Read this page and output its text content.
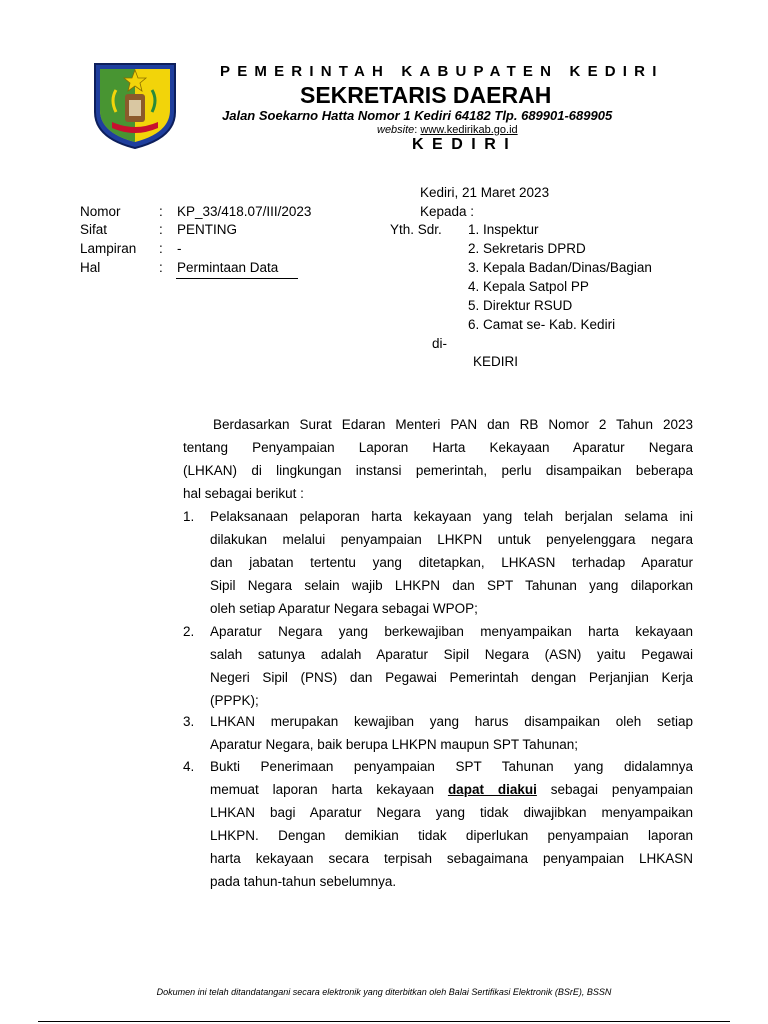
PEMERINTAH KABUPATEN KEDIRI
SEKRETARIS DAERAH
Jalan Soekarno Hatta Nomor 1 Kediri 64182 Tlp. 689901-689905
website: www.kedirikab.go.id
KEDIRI
Kediri, 21 Maret 2023
Kepada :
Yth. Sdr. 1. Inspektur
2. Sekretaris DPRD
3. Kepala Badan/Dinas/Bagian
4. Kepala Satpol PP
5. Direktur RSUD
6. Camat se- Kab. Kediri
di-
KEDIRI
Nomor	: KP_33/418.07/III/2023
Sifat	: PENTING
Lampiran : -
Hal	: Permintaan Data
Berdasarkan Surat Edaran Menteri PAN dan RB Nomor 2 Tahun 2023
tentang Penyampaian Laporan Harta Kekayaan Aparatur Negara
(LHKAN) di lingkungan instansi pemerintah, perlu disampaikan beberapa
hal sebagai berikut :
1. Pelaksanaan pelaporan harta kekayaan yang telah berjalan selama ini
dilakukan melalui penyampaian LHKPN untuk penyelenggara negara
dan jabatan tertentu yang ditetapkan, LHKASN terhadap Aparatur
Sipil Negara selain wajib LHKPN dan SPT Tahunan yang dilaporkan
oleh setiap Aparatur Negara sebagai WPOP;
2. Aparatur Negara yang berkewajiban menyampaikan harta kekayaan
salah satunya adalah Aparatur Sipil Negara (ASN) yaitu Pegawai
Negeri Sipil (PNS) dan Pegawai Pemerintah dengan Perjanjian Kerja
(PPPK);
3. LHKAN merupakan kewajiban yang harus disampaikan oleh setiap
Aparatur Negara, baik berupa LHKPN maupun SPT Tahunan;
4. Bukti Penerimaan penyampaian SPT Tahunan yang didalamnya
memuat laporan harta kekayaan dapat diakui sebagai penyampaian
LHKAN bagi Aparatur Negara yang tidak diwajibkan menyampaikan
LHKPN. Dengan demikian tidak diperlukan penyampaian laporan
harta kekayaan secara terpisah sebagaimana penyampaian LHKASN
pada tahun-tahun sebelumnya.
Dokumen ini telah ditandatangani secara elektronik yang diterbitkan oleh Balai Sertifikasi Elektronik (BSrE), BSSN
